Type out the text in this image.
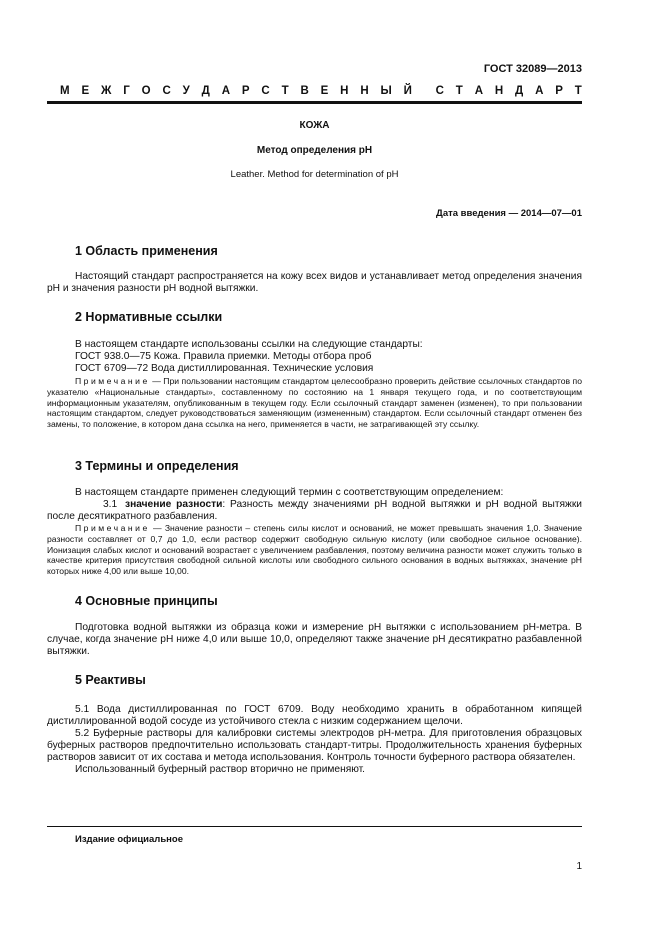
ГОСТ 32089—2013
М Е Ж Г О С У Д А Р С Т В Е Н Н Ы Й С Т А Н Д А Р Т
КОЖА
Метод определения рН
Leather. Method for determination of pH
Дата введения — 2014—07—01
1 Область применения
Настоящий стандарт распространяется на кожу всех видов и устанавливает метод определения значения рН и значения разности рН водной вытяжки.
2 Нормативные ссылки

В настоящем стандарте использованы ссылки на следующие стандарты:

ГОСТ 938.0—75 Кожа. Правила приемки. Методы отбора проб

ГОСТ 6709—72 Вода дистиллированная. Технические условия

Примечание — При пользовании настоящим стандартом целесообразно проверить действие ссылочных стандартов по указателю «Национальные стандарты», составленному по состоянию на 1 января текущего года, и по соответствующим информационным указателям, опубликованным в текущем году. Если ссылочный стандарт заменен (изменен), то при пользовании настоящим стандартом, следует руководствоваться заменяющим (измененным) стандартом. Если ссылочный стандарт отменен без замены, то положение, в котором дана ссылка на него, применяется в части, не затрагивающей эту ссылку.
3 Термины и определения

В настоящем стандарте применен следующий термин с соответствующим определением:

3.1 значение разности: Разность между значениями рН водной вытяжки и рН водной вытяжки после десятикратного разбавления.

Примечание — Значение разности – степень силы кислот и оснований, не может превышать значения 1,0. Значение разности составляет от 0,7 до 1,0, если раствор содержит свободную сильную кислоту (или свободное сильное основание). Ионизация слабых кислот и оснований возрастает с увеличением разбавления, поэтому величина разности может служить только в качестве критерия присутствия свободной сильной кислоты или свободного сильного основания в водных вытяжках, значение рН которых ниже 4,00 или выше 10,00.
4 Основные принципы
Подготовка водной вытяжки из образца кожи и измерение рН вытяжки с использованием рН-метра. В случае, когда значение рН ниже 4,0 или выше 10,0, определяют также значение рН десятикратно разбавленной вытяжки.
5 Реактивы

5.1 Вода дистиллированная по ГОСТ 6709. Воду необходимо хранить в обработанном кипящей дистиллированной водой сосуде из устойчивого стекла с низким содержанием щелочи.

5.2 Буферные растворы для калибровки системы электродов рН-метра. Для приготовления образцовых буферных растворов предпочтительно использовать стандарт-титры. Продолжительность хранения буферных растворов зависит от их состава и метода использования. Контроль точности буферного раствора обязателен.

Использованный буферный раствор вторично не применяют.

Издание официальное
1
